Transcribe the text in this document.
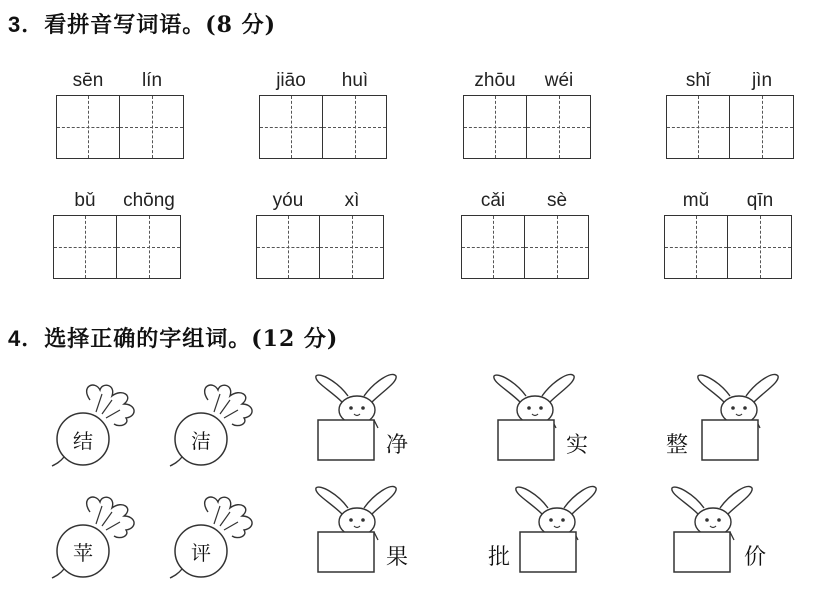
3．看拼音写词语。(8 分)
sēn	lín	jiāo	huì	zhōu	wéi	shǐ	jìn
bǔ	chōng	yóu	xì	cǎi	sè	mǔ	qīn
4．选择正确的字组词。(12 分)
结	洁
苹	评
净	实	整
果	批	价
